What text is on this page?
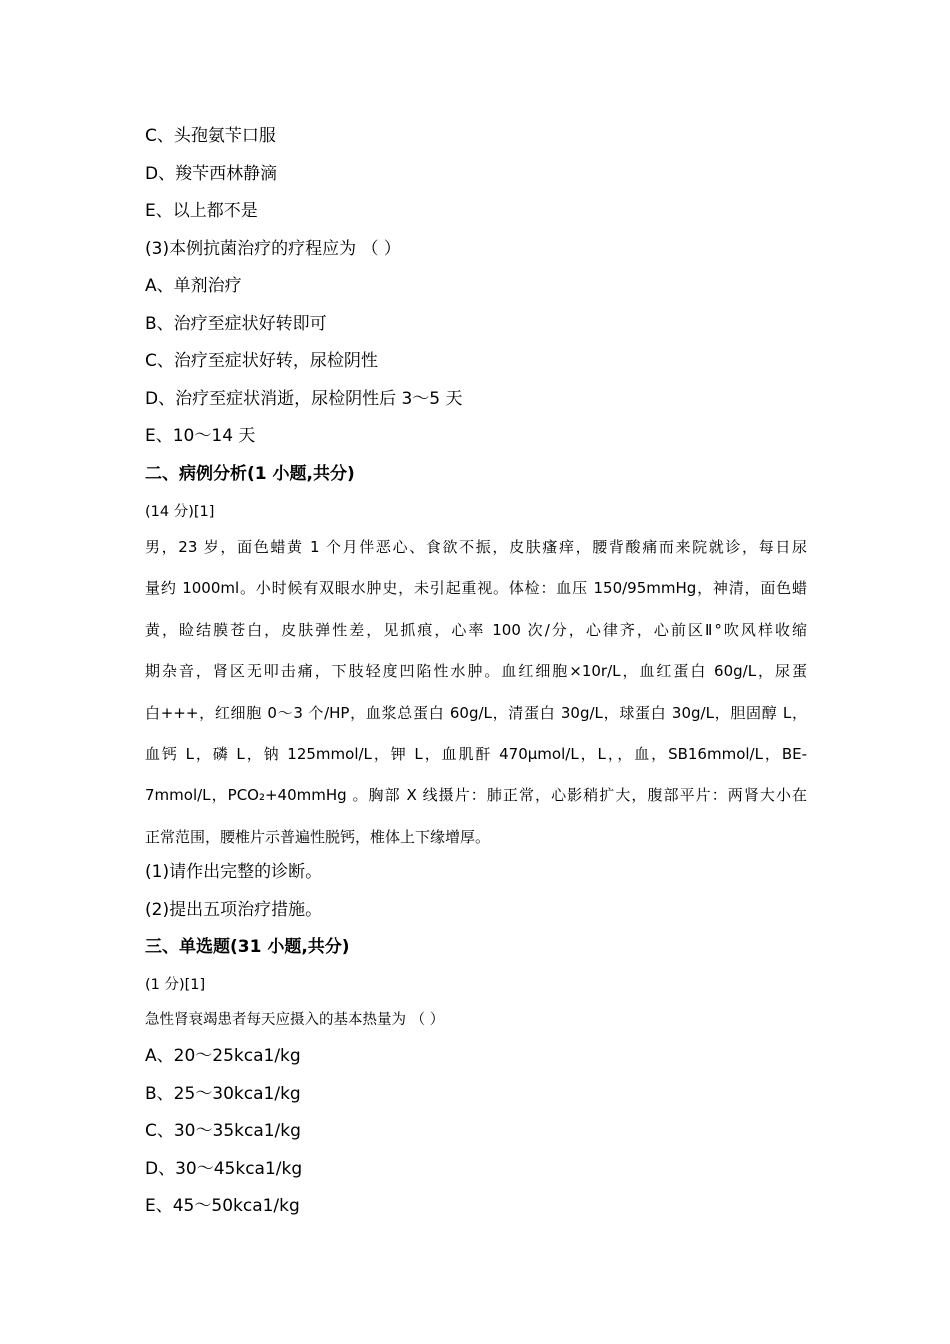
C、头孢氨苄口服
D、羧苄西林静滴
E、以上都不是
(3)本例抗菌治疗的疗程应为 （ ）
A、单剂治疗
B、治疗至症状好转即可
C、治疗至症状好转，尿检阴性
D、治疗至症状消逝，尿检阴性后 3～5 天
E、10～14 天
二、病例分析(1 小题,共分)
(14 分)[1]
男，23 岁，面色蜡黄 1 个月伴恶心、食欲不振，皮肤瘙痒，腰背酸痛而来院就诊，每日尿
量约 1000ml。小时候有双眼水肿史，未引起重视。体检：血压 150/95mmHg，神清，面色蜡
黄，睑结膜苍白，皮肤弹性差，见抓痕，心率 100 次/分，心律齐，心前区Ⅱ°吹风样收缩
期杂音，肾区无叩击痛，下肢轻度凹陷性水肿。血红细胞×10r/L，血红蛋白 60g/L，尿蛋
白+++，红细胞 0～3 个/HP，血浆总蛋白 60g/L，清蛋白 30g/L，球蛋白 30g/L，胆固醇 L，
血钙 L，磷 L，钠 125mmol/L，钾 L，血肌酐 470μmol/L，L，，血，SB16mmol/L，BE-
7mmol/L，PCO₂+40mmHg 。胸部 X 线摄片：肺正常，心影稍扩大，腹部平片：两肾大小在
正常范围，腰椎片示普遍性脱钙，椎体上下缘增厚。
(1)请作出完整的诊断。
(2)提出五项治疗措施。
三、单选题(31 小题,共分)
(1 分)[1]
急性肾衰竭患者每天应摄入的基本热量为 （ ）
A、20～25kca1/kg
B、25～30kca1/kg
C、30～35kca1/kg
D、30～45kca1/kg
E、45～50kca1/kg
